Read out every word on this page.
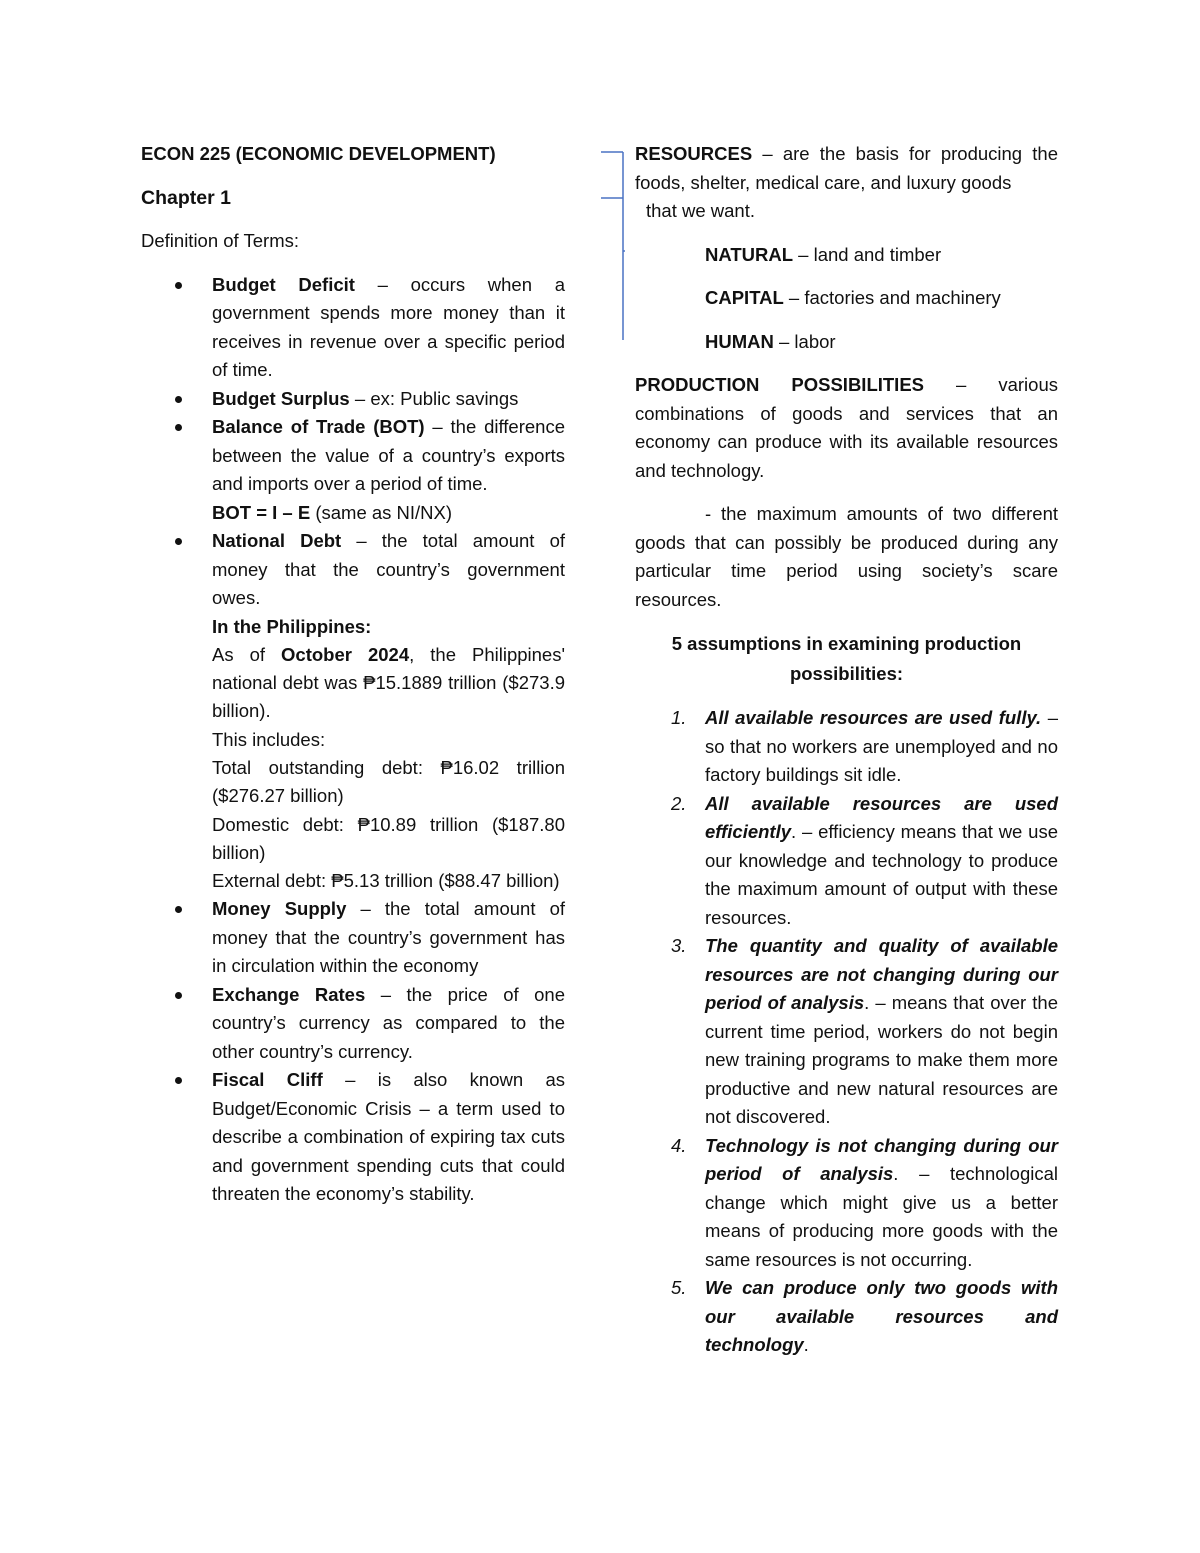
ECON 225 (ECONOMIC DEVELOPMENT)

Chapter 1

Definition of Terms:

Budget Deficit – occurs when a government spends more money than it receives in revenue over a specific period of time.
Budget Surplus – ex: Public savings
Balance of Trade (BOT) – the difference between the value of a country’s exports and imports over a period of time.

BOT = I – E (same as NI/NX)

National Debt – the total amount of money that the country’s government owes.

In the Philippines:

As of October 2024, the Philippines' national debt was ₱15.1889 trillion ($273.9 billion).

This includes:

Total outstanding debt: ₱16.02 trillion ($276.27 billion)

Domestic debt: ₱10.89 trillion ($187.80 billion)

External debt: ₱5.13 trillion ($88.47 billion)

Money Supply – the total amount of money that the country’s government has in circulation within the economy
Exchange Rates – the price of one country’s currency as compared to the other country’s currency.
Fiscal Cliff – is also known as Budget/Economic Crisis – a term used to describe a combination of expiring tax cuts and government spending cuts that could threaten the economy’s stability.

RESOURCES – are the basis for producing the foods, shelter, medical care, and luxury goods

that we want.

NATURAL – land and timber

CAPITAL – factories and machinery

HUMAN – labor

PRODUCTION POSSIBILITIES – various combinations of goods and services that an economy can produce with its available resources and technology.

- the maximum amounts of two different goods that can possibly be produced during any particular time period using society’s scare resources.

5 assumptions in examining production
possibilities:

1. All available resources are used fully. – so that no workers are unemployed and no factory buildings sit idle.
2. All available resources are used efficiently. – efficiency means that we use our knowledge and technology to produce the maximum amount of output with these resources.
3. The quantity and quality of available resources are not changing during our period of analysis. – means that over the current time period, workers do not begin new training programs to make them more productive and new natural resources are not discovered.
4. Technology is not changing during our period of analysis. – technological change which might give us a better means of producing more goods with the same resources is not occurring.
5. We can produce only two goods with our available resources and technology.
